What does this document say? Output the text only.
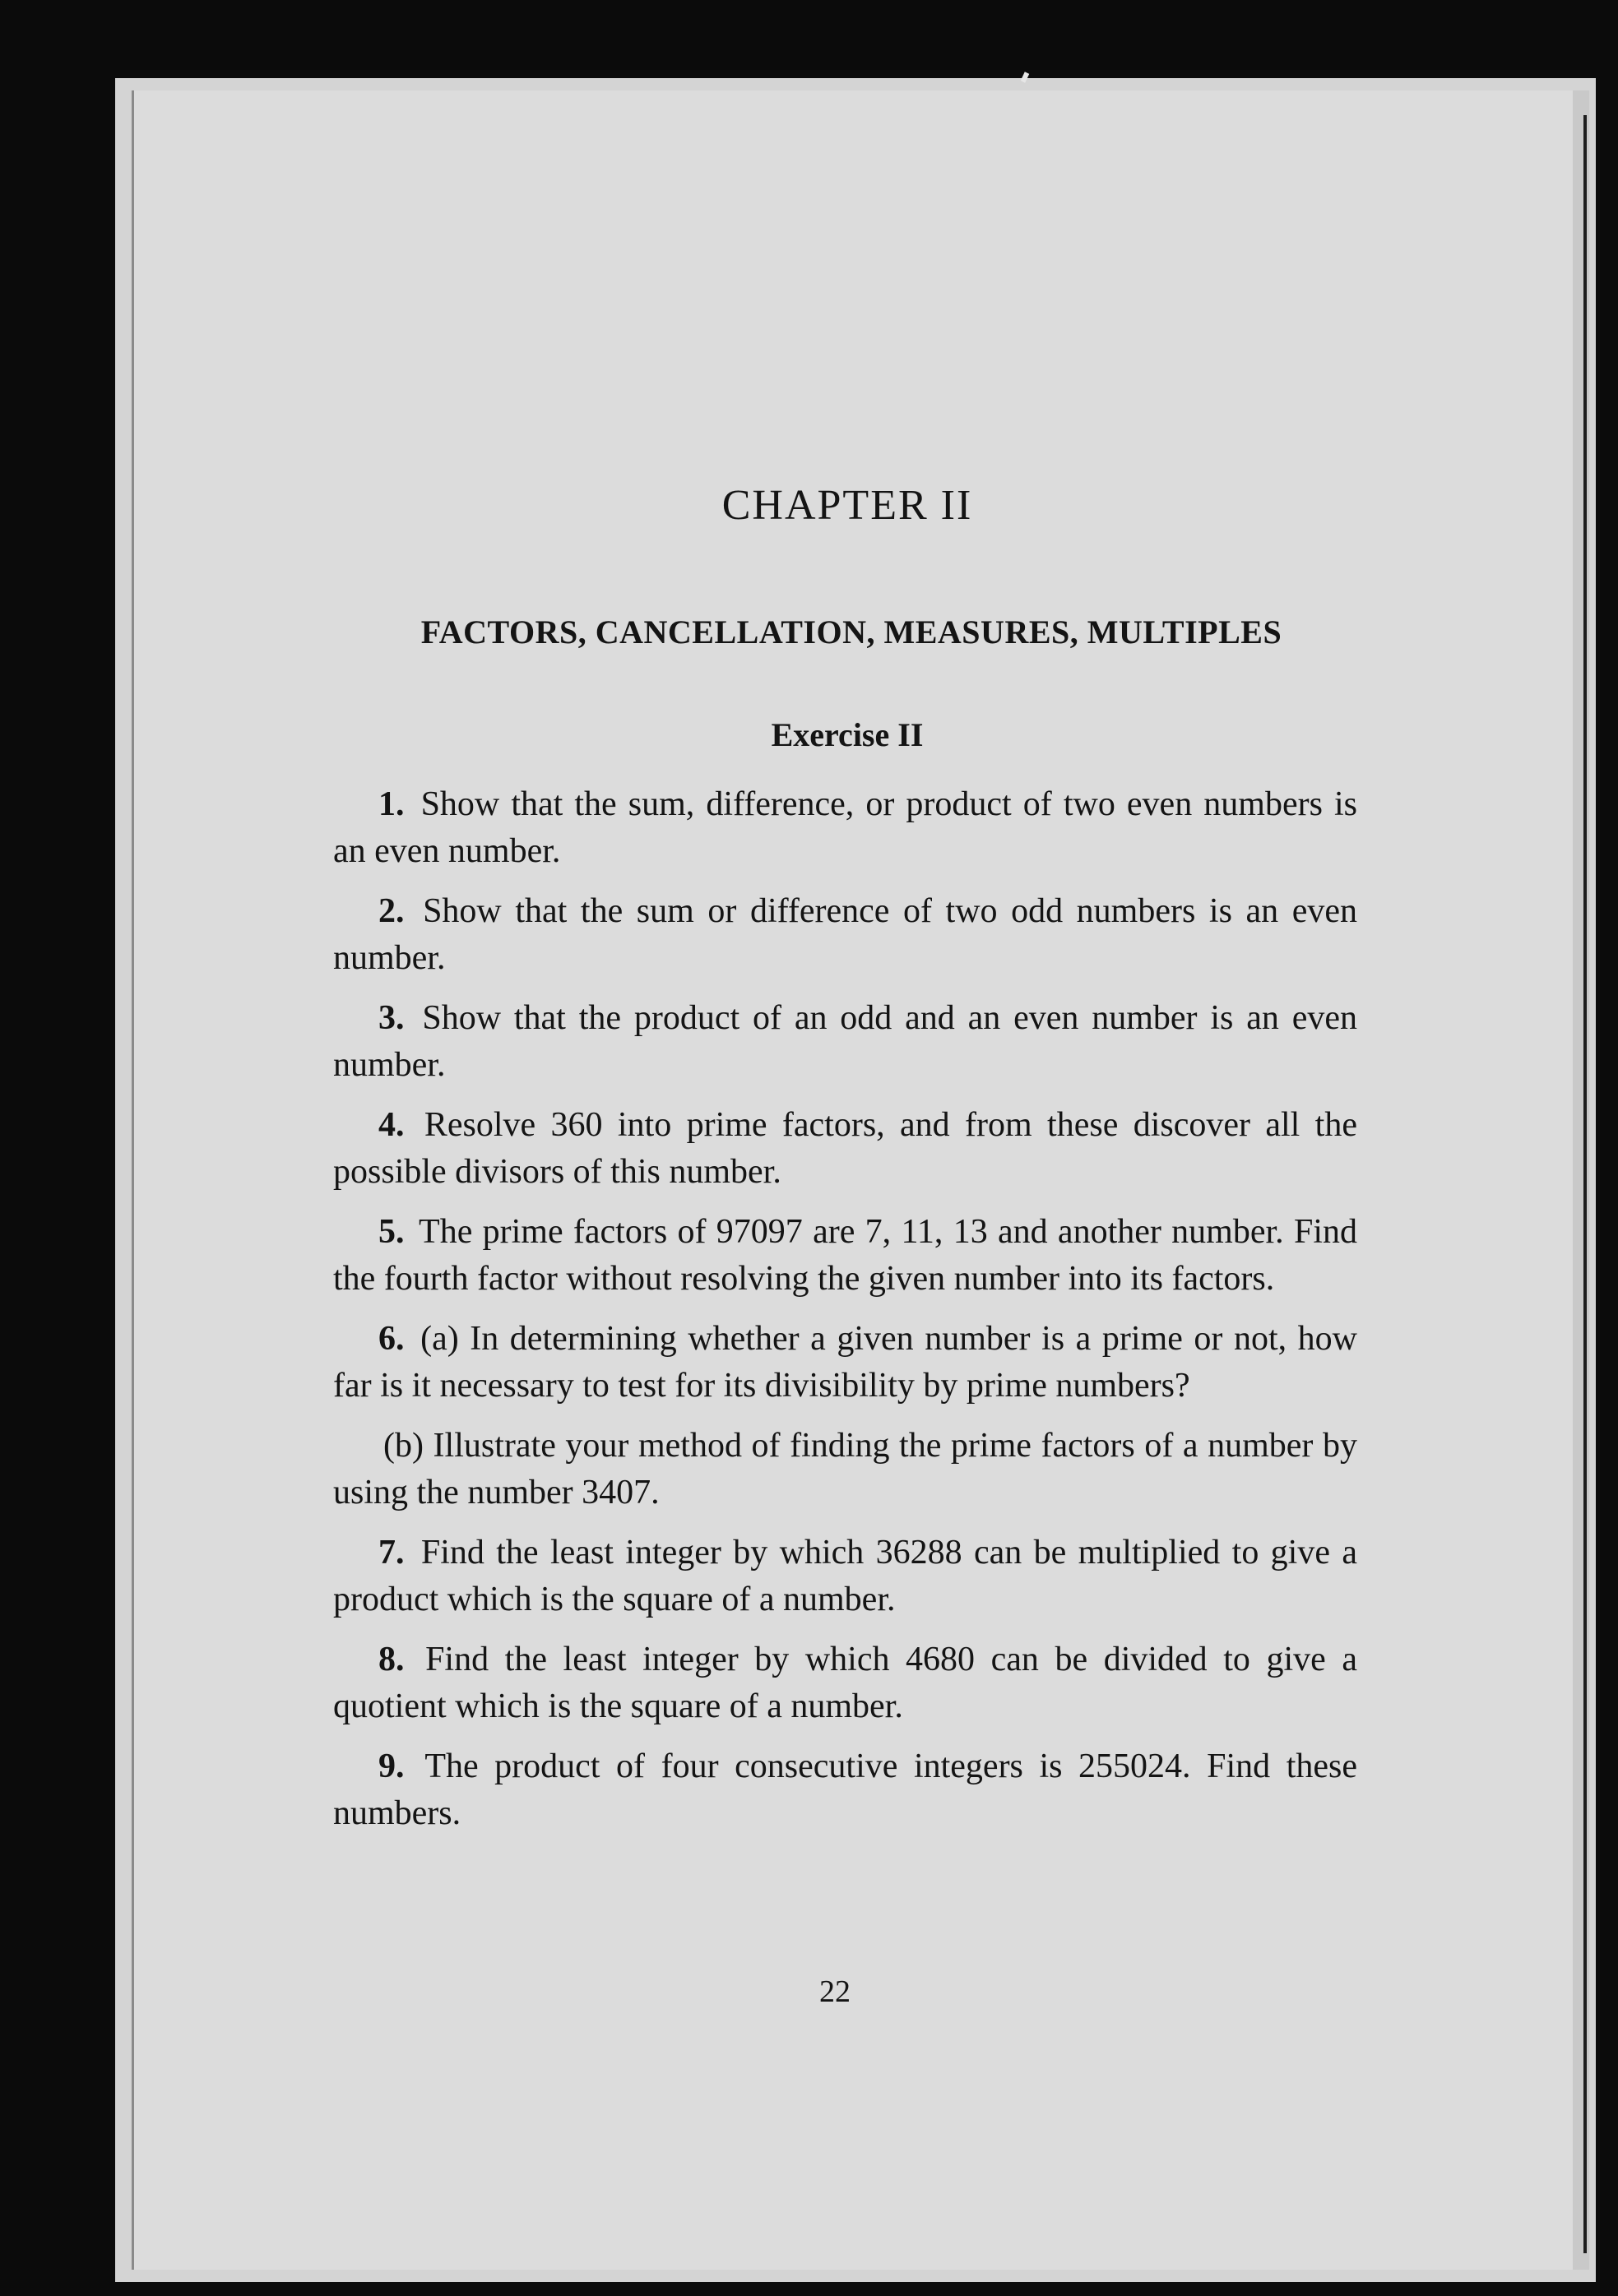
CHAPTER II
FACTORS, CANCELLATION, MEASURES, MULTIPLES
Exercise II

1. Show that the sum, difference, or product of two even numbers is an even number.

2. Show that the sum or difference of two odd numbers is an even number.

3. Show that the product of an odd and an even number is an even number.

4. Resolve 360 into prime factors, and from these discover all the possible divisors of this number.

5. The prime factors of 97097 are 7, 11, 13 and another number. Find the fourth factor without resolving the given number into its factors.

6. (a) In determining whether a given number is a prime or not, how far is it necessary to test for its divisibility by prime numbers?

(b) Illustrate your method of finding the prime factors of a number by using the number 3407.

7. Find the least integer by which 36288 can be multiplied to give a product which is the square of a number.

8. Find the least integer by which 4680 can be divided to give a quotient which is the square of a number.

9. The product of four consecutive integers is 255024. Find these numbers.

22
